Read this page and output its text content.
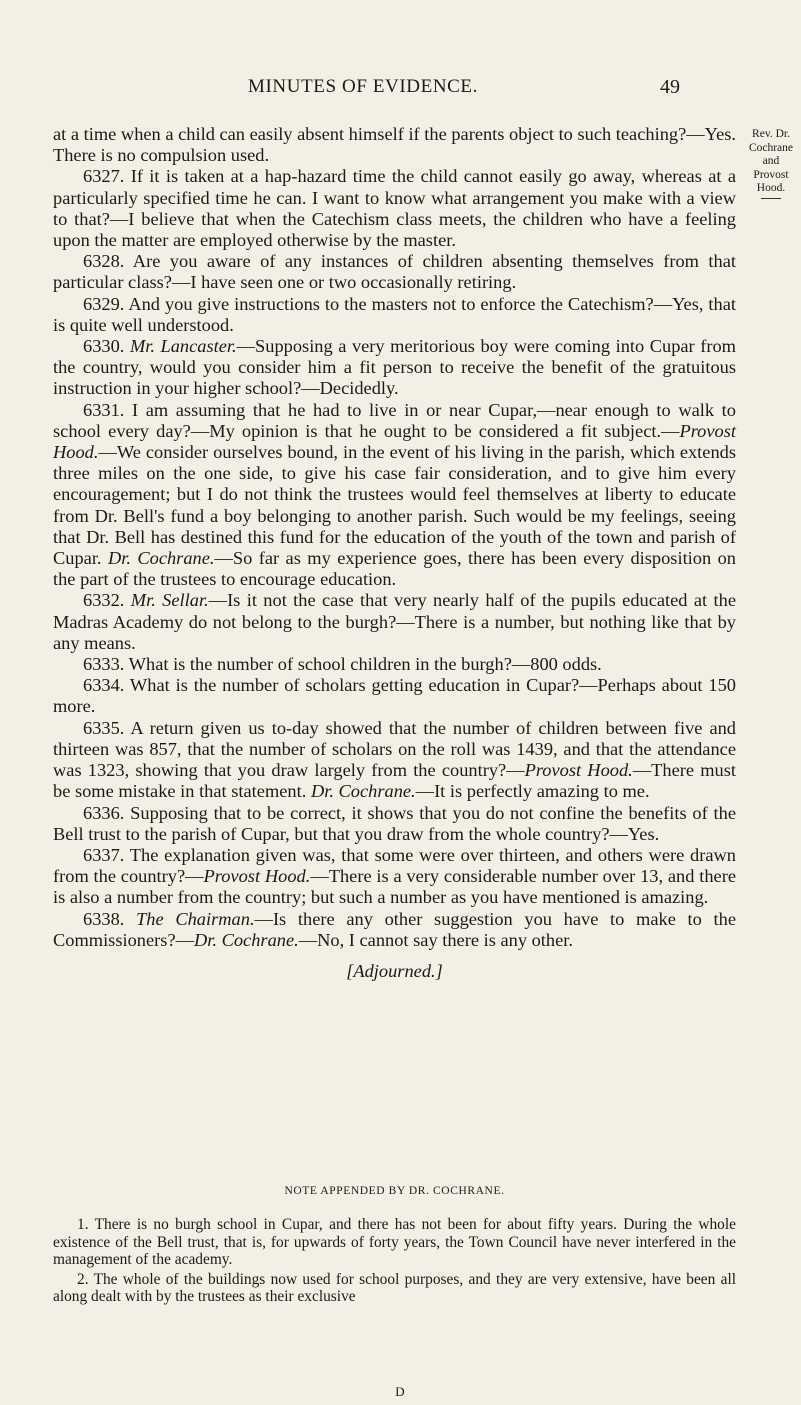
MINUTES OF EVIDENCE.	49
Rev. Dr.
Cochrane
and
Provost
Hood.

at a time when a child can easily absent himself if the parents object to such teaching?—Yes. There is no compulsion used.

6327. If it is taken at a hap-hazard time the child cannot easily go away, whereas at a particularly specified time he can. I want to know what arrangement you make with a view to that?—I believe that when the Catechism class meets, the children who have a feeling upon the matter are employed otherwise by the master.

6328. Are you aware of any instances of children absenting themselves from that particular class?—I have seen one or two occasionally retiring.

6329. And you give instructions to the masters not to enforce the Catechism?—Yes, that is quite well understood.

6330. Mr. Lancaster.—Supposing a very meritorious boy were coming into Cupar from the country, would you consider him a fit person to receive the benefit of the gratuitous instruction in your higher school?—Decidedly.

6331. I am assuming that he had to live in or near Cupar,—near enough to walk to school every day?—My opinion is that he ought to be considered a fit subject.—Provost Hood.—We consider ourselves bound, in the event of his living in the parish, which extends three miles on the one side, to give his case fair consideration, and to give him every encouragement; but I do not think the trustees would feel themselves at liberty to educate from Dr. Bell's fund a boy belonging to another parish. Such would be my feelings, seeing that Dr. Bell has destined this fund for the education of the youth of the town and parish of Cupar. Dr. Cochrane.—So far as my experience goes, there has been every disposition on the part of the trustees to encourage education.

6332. Mr. Sellar.—Is it not the case that very nearly half of the pupils educated at the Madras Academy do not belong to the burgh?—There is a number, but nothing like that by any means.

6333. What is the number of school children in the burgh?—800 odds.

6334. What is the number of scholars getting education in Cupar?—Perhaps about 150 more.

6335. A return given us to-day showed that the number of children between five and thirteen was 857, that the number of scholars on the roll was 1439, and that the attendance was 1323, showing that you draw largely from the country?—Provost Hood.—There must be some mistake in that statement. Dr. Cochrane.—It is perfectly amazing to me.

6336. Supposing that to be correct, it shows that you do not confine the benefits of the Bell trust to the parish of Cupar, but that you draw from the whole country?—Yes.

6337. The explanation given was, that some were over thirteen, and others were drawn from the country?—Provost Hood.—There is a very considerable number over 13, and there is also a number from the country; but such a number as you have mentioned is amazing.

6338. The Chairman.—Is there any other suggestion you have to make to the Commissioners?—Dr. Cochrane.—No, I cannot say there is any other.

[Adjourned.]

NOTE APPENDED BY DR. COCHRANE.

1. There is no burgh school in Cupar, and there has not been for about fifty years. During the whole existence of the Bell trust, that is, for upwards of forty years, the Town Council have never interfered in the management of the academy.

2. The whole of the buildings now used for school purposes, and they are very extensive, have been all along dealt with by the trustees as their exclusive

D
